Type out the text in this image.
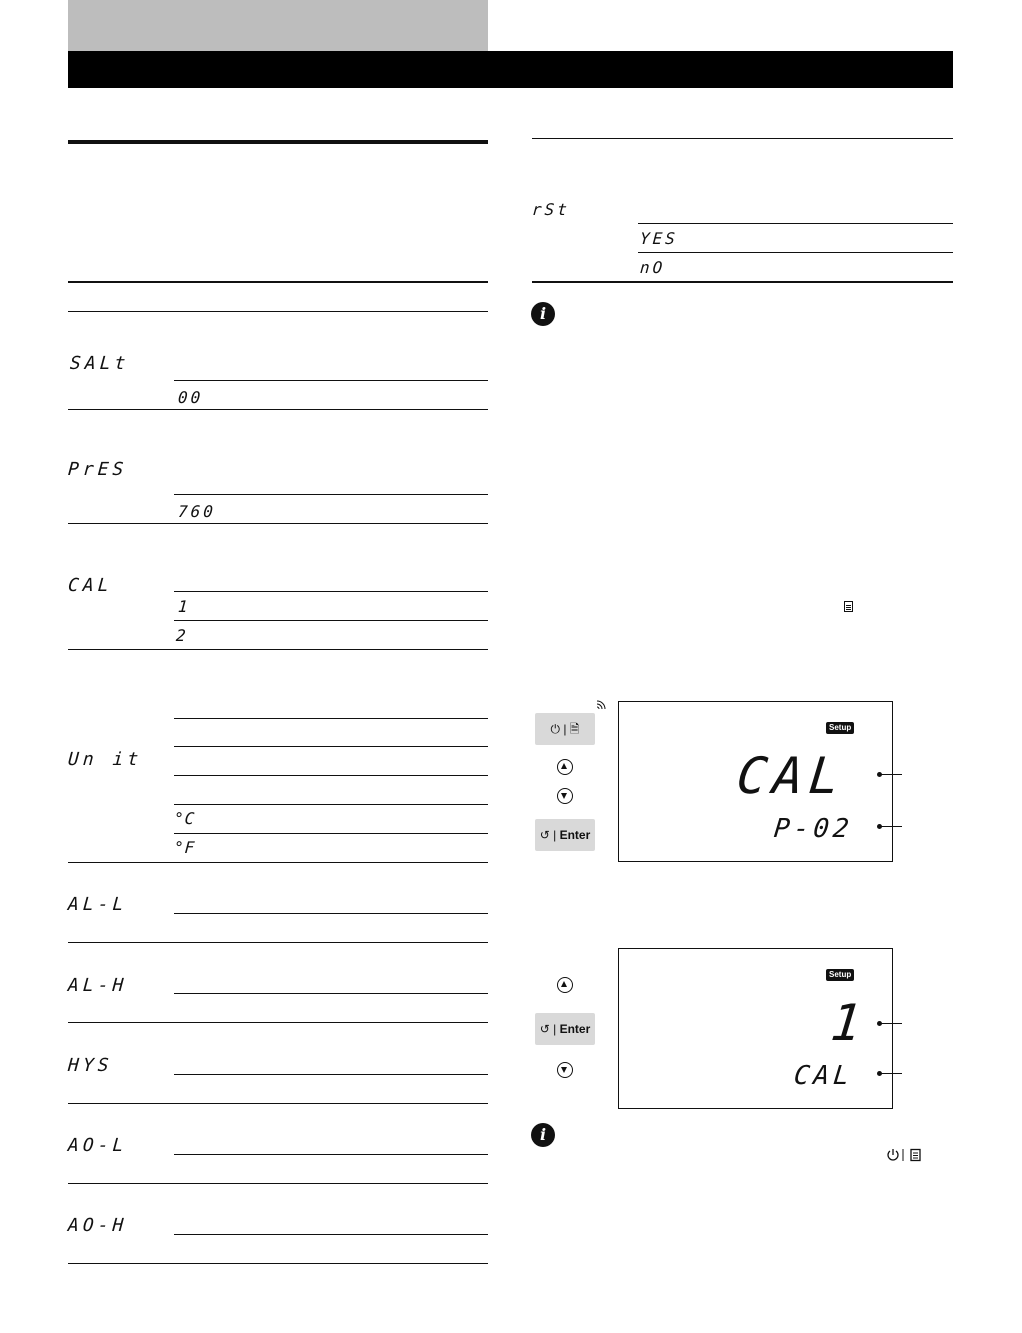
SALt
00
PrES
760
CAL
1
2
Un it
°C
°F
AL-L
AL-H
HYS
AO-L
AO-H
rSt
YES
nO
i
⏻ | 🗎
↺ | Enter
Setup
CAL
P-02
↺ | Enter
Setup
1
CAL
i
